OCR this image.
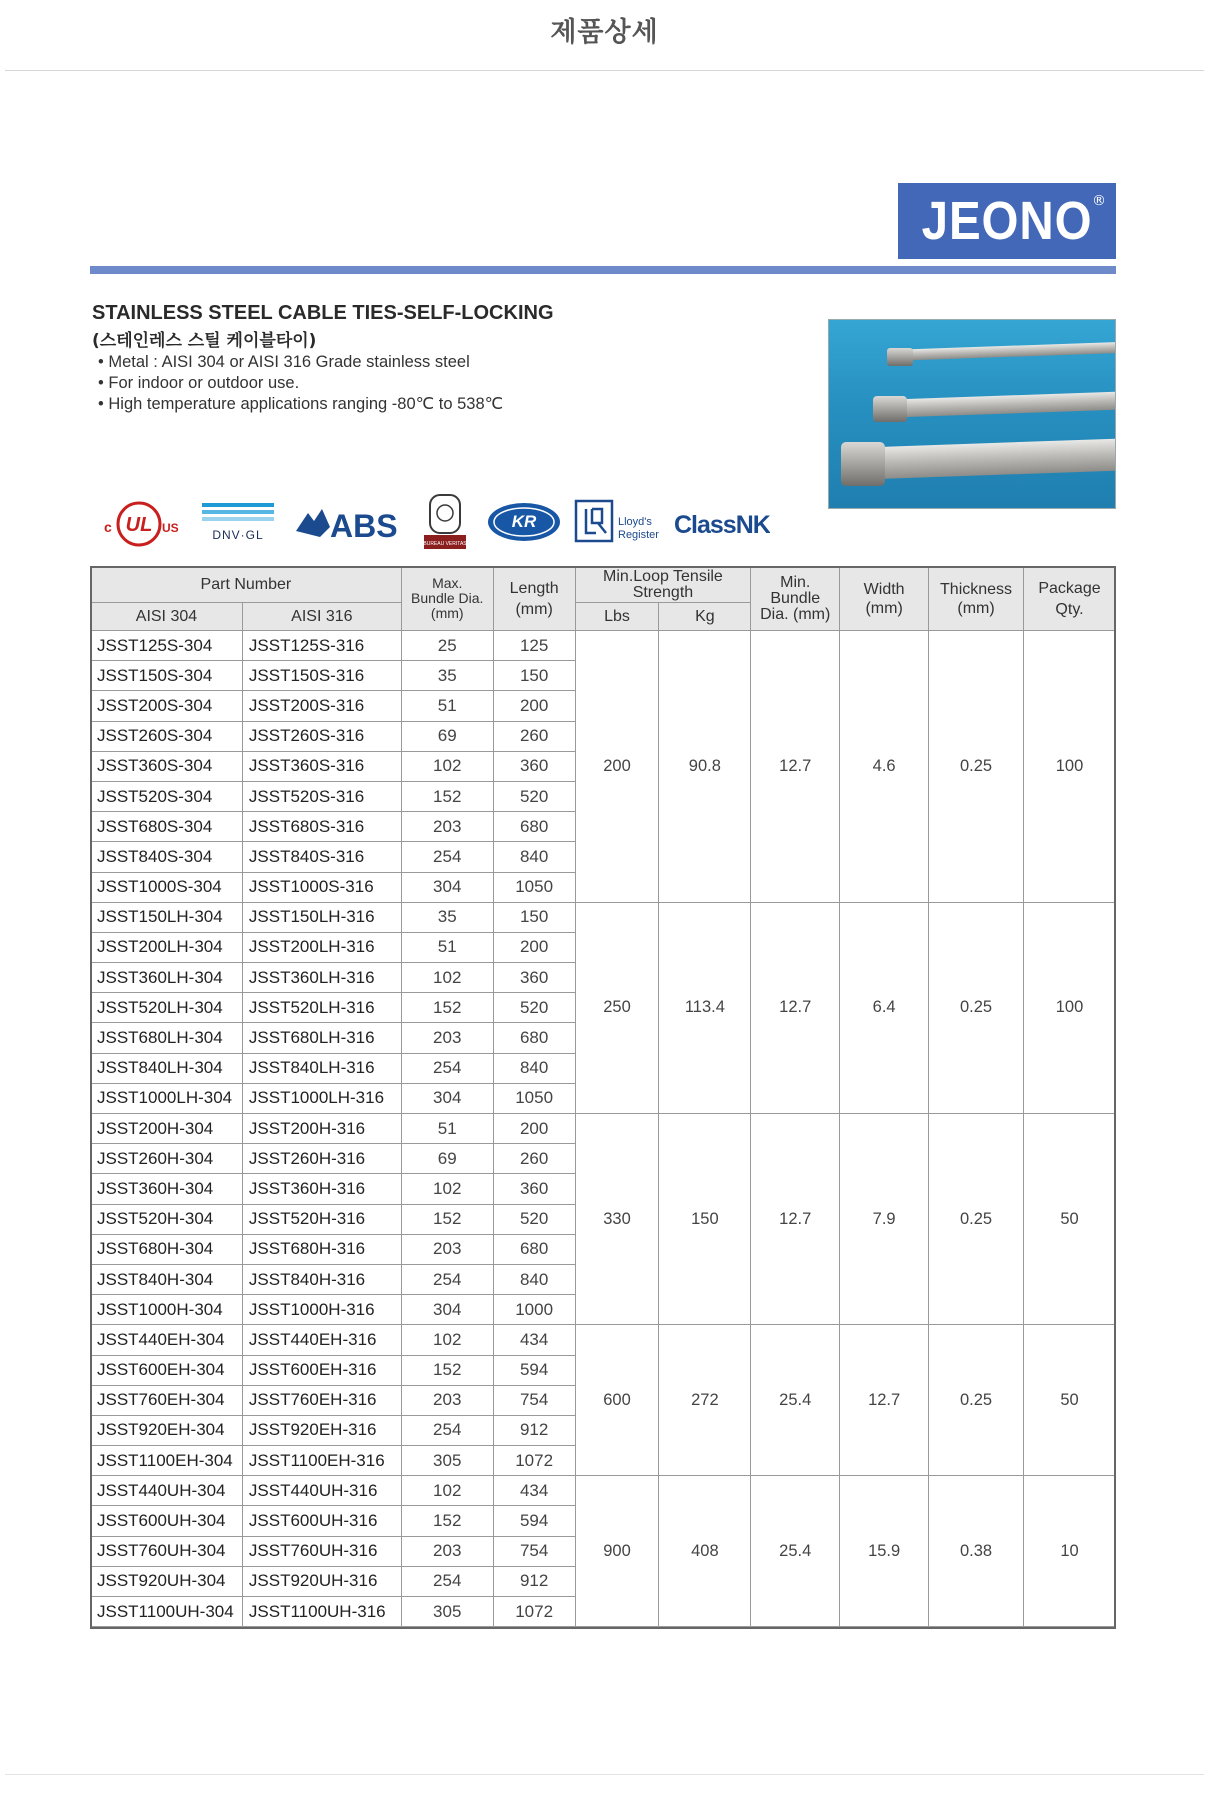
제품상세
JEONO ®
STAINLESS STEEL CABLE TIES-SELF-LOCKING
(스테인레스 스틸 케이블타이)
• Metal : AISI 304 or AISI 316 Grade stainless steel
• For indoor or outdoor use.
• High temperature applications ranging -80℃ to 538℃
c UL US	DNV·GL ABS	BUREAU VERITAS
KR	Lloyd's
Register ClassNK
Part Number		Max.
Bundle Dia.
(mm)	Length
(mm)	Min.Loop Tensile
Strength		Min.
Bundle
Dia. (mm)	Width
(mm)	Thickness
(mm)	Package
Qty.
AISI 304	AISI 316			Lbs	Kg				
JSST125S-304	JSST125S-316	25	125	200	90.8	12.7	4.6	0.25	100
JSST150S-304	JSST150S-316	35	150						
JSST200S-304	JSST200S-316	51	200						
JSST260S-304	JSST260S-316	69	260						
JSST360S-304	JSST360S-316	102	360						
JSST520S-304	JSST520S-316	152	520						
JSST680S-304	JSST680S-316	203	680						
JSST840S-304	JSST840S-316	254	840						
JSST1000S-304	JSST1000S-316	304	1050						
JSST150LH-304	JSST150LH-316	35	150	250	113.4	12.7	6.4	0.25	100
JSST200LH-304	JSST200LH-316	51	200						
JSST360LH-304	JSST360LH-316	102	360						
JSST520LH-304	JSST520LH-316	152	520						
JSST680LH-304	JSST680LH-316	203	680						
JSST840LH-304	JSST840LH-316	254	840						
JSST1000LH-304	JSST1000LH-316	304	1050						
JSST200H-304	JSST200H-316	51	200	330	150	12.7	7.9	0.25	50
JSST260H-304	JSST260H-316	69	260						
JSST360H-304	JSST360H-316	102	360						
JSST520H-304	JSST520H-316	152	520						
JSST680H-304	JSST680H-316	203	680						
JSST840H-304	JSST840H-316	254	840						
JSST1000H-304	JSST1000H-316	304	1000						
JSST440EH-304	JSST440EH-316	102	434	600	272	25.4	12.7	0.25	50
JSST600EH-304	JSST600EH-316	152	594						
JSST760EH-304	JSST760EH-316	203	754						
JSST920EH-304	JSST920EH-316	254	912						
JSST1100EH-304	JSST1100EH-316	305	1072						
JSST440UH-304	JSST440UH-316	102	434	900	408	25.4	15.9	0.38	10
JSST600UH-304	JSST600UH-316	152	594						
JSST760UH-304	JSST760UH-316	203	754						
JSST920UH-304	JSST920UH-316	254	912						
JSST1100UH-304	JSST1100UH-316	305	1072						
